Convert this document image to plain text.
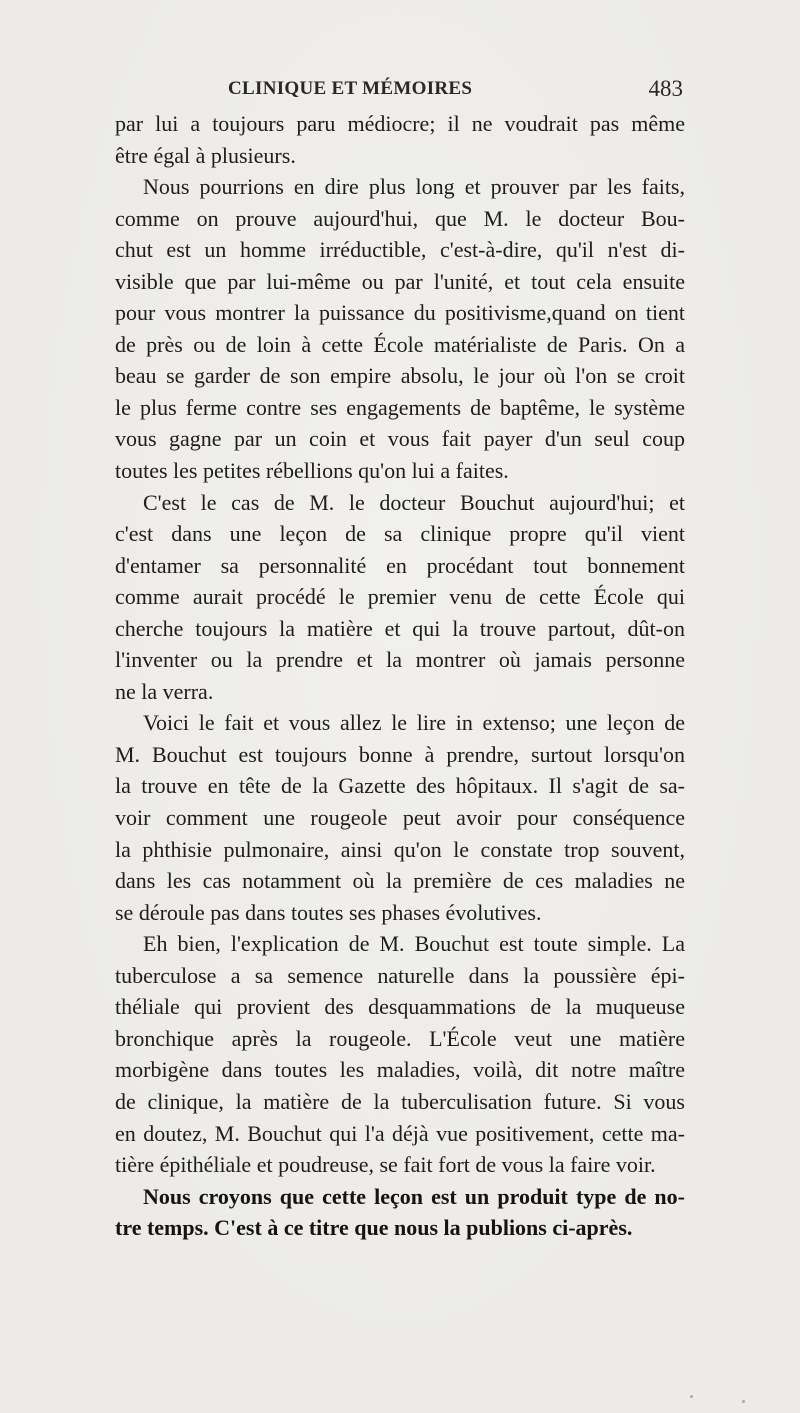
CLINIQUE ET MÉMOIRES	483
par lui a toujours paru médiocre; il ne voudrait pas même
être égal à plusieurs.
Nous pourrions en dire plus long et prouver par les faits,
comme on prouve aujourd'hui, que M. le docteur Bou-
chut est un homme irréductible, c'est-à-dire, qu'il n'est di-
visible que par lui-même ou par l'unité, et tout cela ensuite
pour vous montrer la puissance du positivisme,quand on tient
de près ou de loin à cette École matérialiste de Paris. On a
beau se garder de son empire absolu, le jour où l'on se croit
le plus ferme contre ses engagements de baptême, le système
vous gagne par un coin et vous fait payer d'un seul coup
toutes les petites rébellions qu'on lui a faites.
C'est le cas de M. le docteur Bouchut aujourd'hui; et
c'est dans une leçon de sa clinique propre qu'il vient
d'entamer sa personnalité en procédant tout bonnement
comme aurait procédé le premier venu de cette École qui
cherche toujours la matière et qui la trouve partout, dût-on
l'inventer ou la prendre et la montrer où jamais personne
ne la verra.
Voici le fait et vous allez le lire in extenso; une leçon de
M. Bouchut est toujours bonne à prendre, surtout lorsqu'on
la trouve en tête de la Gazette des hôpitaux. Il s'agit de sa-
voir comment une rougeole peut avoir pour conséquence
la phthisie pulmonaire, ainsi qu'on le constate trop souvent,
dans les cas notamment où la première de ces maladies ne
se déroule pas dans toutes ses phases évolutives.
Eh bien, l'explication de M. Bouchut est toute simple. La
tuberculose a sa semence naturelle dans la poussière épi-
théliale qui provient des desquammations de la muqueuse
bronchique après la rougeole. L'École veut une matière
morbigène dans toutes les maladies, voilà, dit notre maître
de clinique, la matière de la tuberculisation future. Si vous
en doutez, M. Bouchut qui l'a déjà vue positivement, cette ma-
tière épithéliale et poudreuse, se fait fort de vous la faire voir.
Nous croyons que cette leçon est un produit type de no-
tre temps. C'est à ce titre que nous la publions ci-après.
